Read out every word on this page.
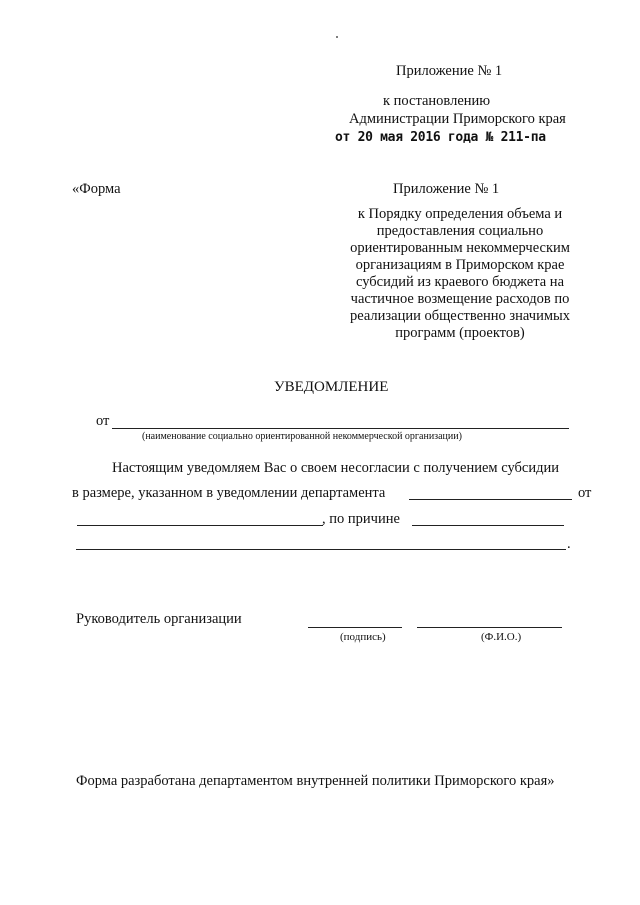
Приложение № 1
к постановлению
Администрации Приморского края
от 20 мая 2016 года № 211-па
«Форма	Приложение № 1
к Порядку определения объема и
предоставления социально
ориентированным некоммерческим
организациям в Приморском крае
субсидий из краевого бюджета на
частичное возмещение расходов по
реализации общественно значимых
программ (проектов)
УВЕДОМЛЕНИЕ
от
(наименование социально ориентированной некоммерческой организации)
Настоящим уведомляем Вас о своем несогласии с получением субсидии
в размере, указанном в уведомлении департамента	от
, по причине
.
Руководитель организации
(подпись)	(Ф.И.О.)
Форма разработана департаментом внутренней политики Приморского края»
